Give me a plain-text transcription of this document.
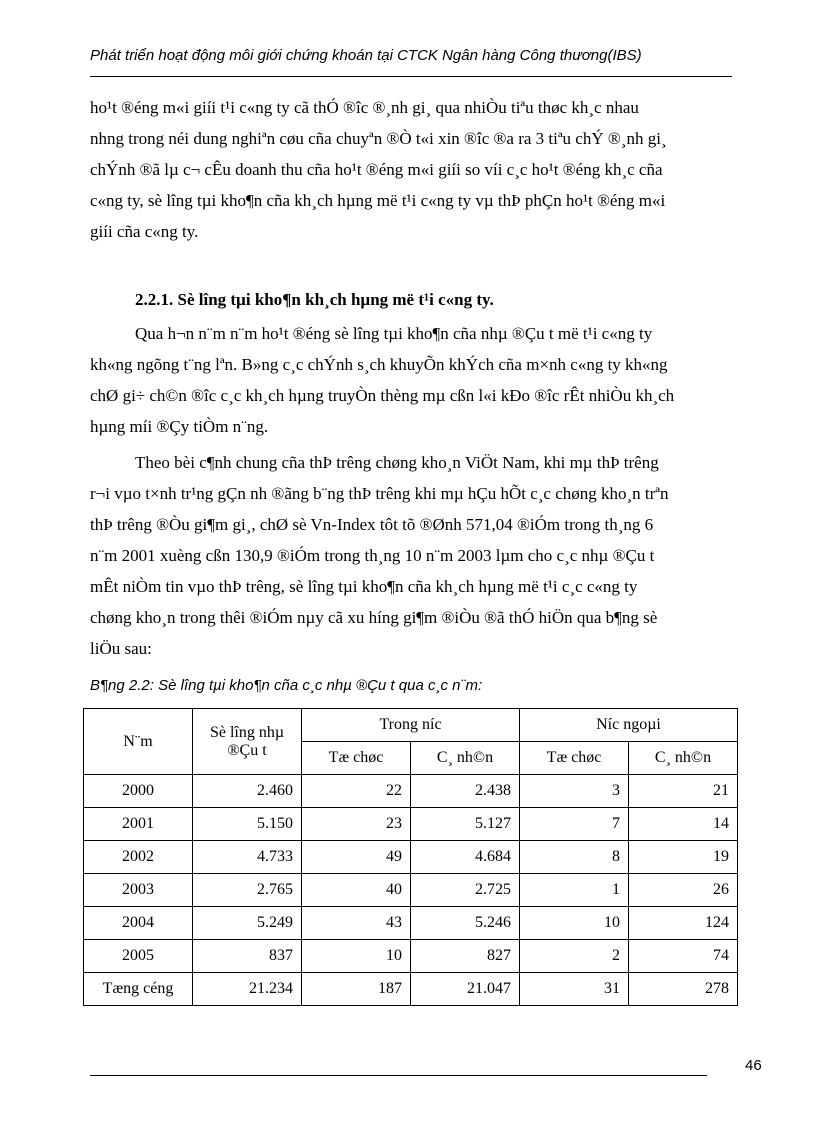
Phát triển hoạt động môi giới chứng khoán tại CTCK Ngân hàng Công thương(IBS)
ho¹t ®éng m«i giíi t¹i c«ng ty cã thÓ ®îc ®¸nh gi¸ qua nhiÒu tiªu thøc kh¸c nhau
nhng trong néi dung nghiªn cøu cña chuyªn ®Ò t«i xin ®îc ®a ra 3 tiªu chÝ ®¸nh gi¸
chÝnh ®ã lµ c¬ cÊu doanh thu cña ho¹t ®éng m«i giíi so víi c¸c ho¹t ®éng kh¸c cña
c«ng ty, sè lîng tµi kho¶n cña kh¸ch hµng më t¹i c«ng ty vµ thÞ phÇn ho¹t ®éng m«i
giíi cña c«ng ty.
2.2.1. Sè lîng tµi kho¶n kh¸ch hµng më t¹i c«ng ty.
Qua h¬n n¨m n¨m ho¹t ®éng sè lîng tµi kho¶n cña nhµ ®Çu t më t¹i c«ng ty
kh«ng ngõng t¨ng lªn. B»ng c¸c chÝnh s¸ch khuyÕn khÝch cña m×nh c«ng ty kh«ng
chØ gi÷ ch©n ®îc c¸c kh¸ch hµng truyÒn thèng mµ cßn l«i kÐo ®îc rÊt nhiÒu kh¸ch
hµng míi ®Çy tiÒm n¨ng.
Theo bèi c¶nh chung cña thÞ trêng chøng kho¸n ViÖt Nam, khi mµ thÞ trêng
r¬i vµo t×nh tr¹ng gÇn nh ®ãng b¨ng thÞ trêng khi mµ hÇu hÕt c¸c chøng kho¸n trªn
thÞ trêng ®Òu gi¶m gi¸, chØ sè Vn-Index tôt tõ ®Ønh 571,04 ®iÓm trong th¸ng 6
n¨m 2001 xuèng cßn 130,9 ®iÓm trong th¸ng 10 n¨m 2003 lµm cho c¸c nhµ ®Çu t
mÊt niÒm tin vµo thÞ trêng, sè lîng tµi kho¶n cña kh¸ch hµng më t¹i c¸c c«ng ty
chøng kho¸n trong thêi ®iÓm nµy cã xu híng gi¶m ®iÒu ®ã thÓ hiÖn qua b¶ng sè
liÖu sau:
B¶ng 2.2: Sè lîng tµi kho¶n cña c¸c nhµ ®Çu t qua c¸c n¨m:
N¨m	Sè lîng nhµ ®Çu t	Trong níc		Níc ngoµi	
		Tæ chøc	C¸ nh©n	Tæ chøc	C¸ nh©n
2000	2.460	22	2.438	3	21
2001	5.150	23	5.127	7	14
2002	4.733	49	4.684	8	19
2003	2.765	40	2.725	1	26
2004	5.249	43	5.246	10	124
2005	837	10	827	2	74
Tæng céng	21.234	187	21.047	31	278
46
